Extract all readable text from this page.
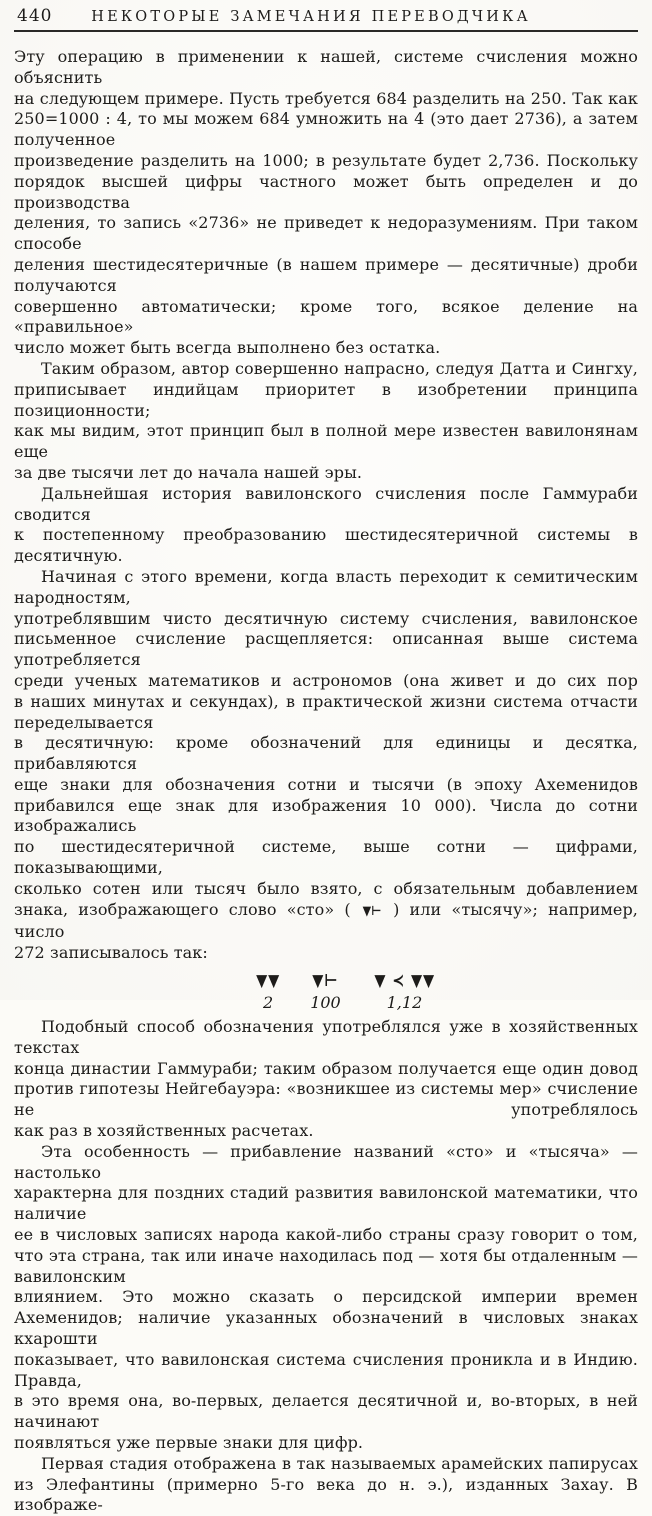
440	НЕКОТОРЫЕ ЗАМЕЧАНИЯ ПЕРЕВОДЧИКА
Эту операцию в применении к нашей, системе счисления можно объяснить
на следующем примере. Пусть требуется 684 разделить на 250. Так как
250=1000 : 4, то мы можем 684 умножить на 4 (это дает 2736), а затем полученное
произведение разделить на 1000; в результате будет 2,736. Поскольку
порядок высшей цифры частного может быть определен и до производства
деления, то запись «2736» не приведет к недоразумениям. При таком способе
деления шестидесятеричные (в нашем примере — десятичные) дроби получаются
совершенно автоматически; кроме того, всякое деление на «правильное»
число может быть всегда выполнено без остатка.
Таким образом, автор совершенно напрасно, следуя Датта и Сингху,
приписывает индийцам приоритет в изобретении принципа позиционности;
как мы видим, этот принцип был в полной мере известен вавилонянам еще
за две тысячи лет до начала нашей эры.
Дальнейшая история вавилонского счисления после Гаммураби сводится
к постепенному преобразованию шестидесятеричной системы в десятичную.
Начиная с этого времени, когда власть переходит к семитическим народностям,
употреблявшим чисто десятичную систему счисления, вавилонское
письменное счисление расщепляется: описанная выше система употребляется
среди ученых математиков и астрономов (она живет и до сих пор
в наших минутах и секундах), в практической жизни система отчасти переделывается
в десятичную: кроме обозначений для единицы и десятка, прибавляются
еще знаки для обозначения сотни и тысячи (в эпоху Ахеменидов
прибавился еще знак для изображения 10 000). Числа до сотни изображались
по шестидесятеричной системе, выше сотни — цифрами, показывающими,
сколько сотен или тысяч было взято, с обязательным добавлением
знака, изображающего слово «сто» ( ▼⊢ ) или «тысячу»; например, число
272 записывалось так:
▼▼
2
▼⊢
100
▼ ≺ ▼▼
1,12
Подобный способ обозначения употреблялся уже в хозяйственных текстах
конца династии Гаммураби; таким образом получается еще один довод
против гипотезы Нейгебауэра: «возникшее из системы мер» счисление не употреблялось
как раз в хозяйственных расчетах.
Эта особенность — прибавление названий «сто» и «тысяча» — настолько
характерна для поздних стадий развития вавилонской математики, что наличие
ее в числовых записях народа какой-либо страны сразу говорит о том,
что эта страна, так или иначе находилась под — хотя бы отдаленным — вавилонским
влиянием. Это можно сказать о персидской империи времен
Ахеменидов; наличие указанных обозначений в числовых знаках кхарошти
показывает, что вавилонская система счисления проникла и в Индию. Правда,
в это время она, во-первых, делается десятичной и, во-вторых, в ней начинают
появляться уже первые знаки для цифр.
Первая стадия отображена в так называемых арамейских папирусах
из Элефантины (примерно 5-го века до н. э.), изданных Захау. В изображе-
